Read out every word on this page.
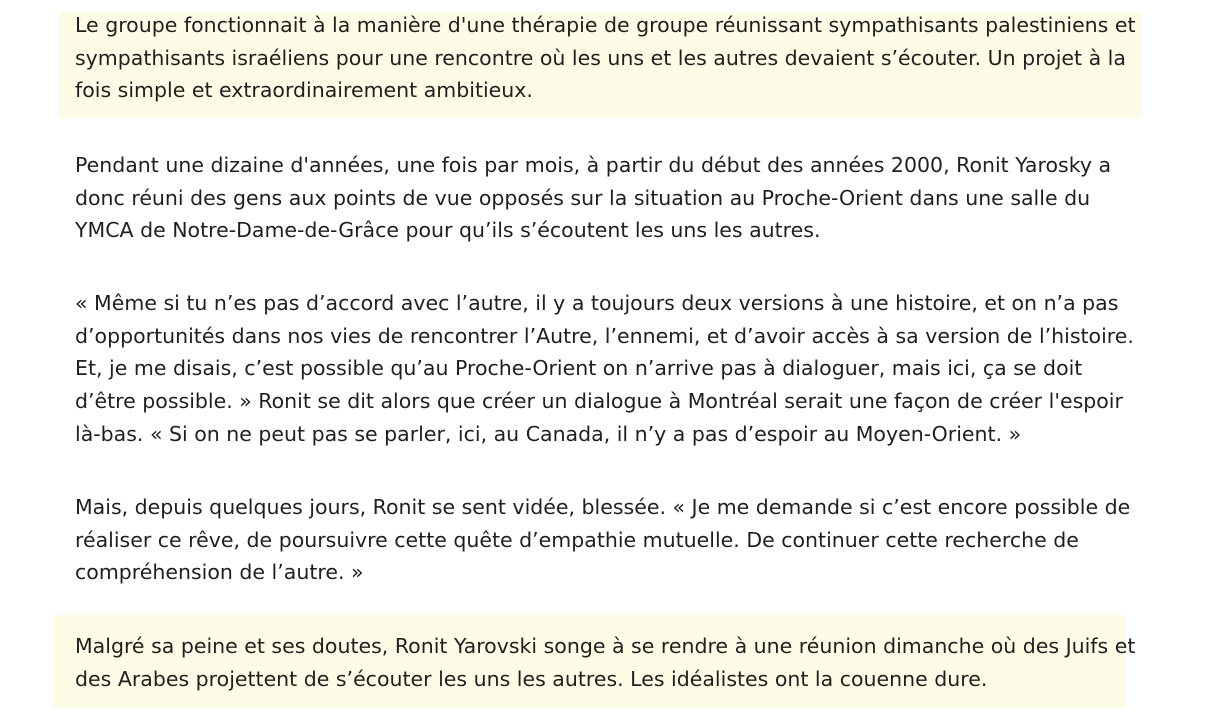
Le groupe fonctionnait à la manière d'une thérapie de groupe réunissant sympathisants palestiniens et sympathisants israéliens pour une rencontre où les uns et les autres devaient s’écouter. Un projet à la fois simple et extraordinairement ambitieux.

Pendant une dizaine d'années, une fois par mois, à partir du début des années 2000, Ronit Yarosky a donc réuni des gens aux points de vue opposés sur la situation au Proche-Orient dans une salle du YMCA de Notre-Dame-de-Grâce pour qu’ils s’écoutent les uns les autres.

« Même si tu n’es pas d’accord avec l’autre, il y a toujours deux versions à une histoire, et on n’a pas d’opportunités dans nos vies de rencontrer l’Autre, l’ennemi, et d’avoir accès à sa version de l’histoire. Et, je me disais, c’est possible qu’au Proche-Orient on n’arrive pas à dialoguer, mais ici, ça se doit d’être possible. » Ronit se dit alors que créer un dialogue à Montréal serait une façon de créer l'espoir là-bas. « Si on ne peut pas se parler, ici, au Canada, il n’y a pas d’espoir au Moyen-Orient. »

Mais, depuis quelques jours, Ronit se sent vidée, blessée. « Je me demande si c’est encore possible de réaliser ce rêve, de poursuivre cette quête d’empathie mutuelle. De continuer cette recherche de compréhension de l’autre. »

Malgré sa peine et ses doutes, Ronit Yarovski songe à se rendre à une réunion dimanche où des Juifs et des Arabes projettent de s’écouter les uns les autres. Les idéalistes ont la couenne dure.
